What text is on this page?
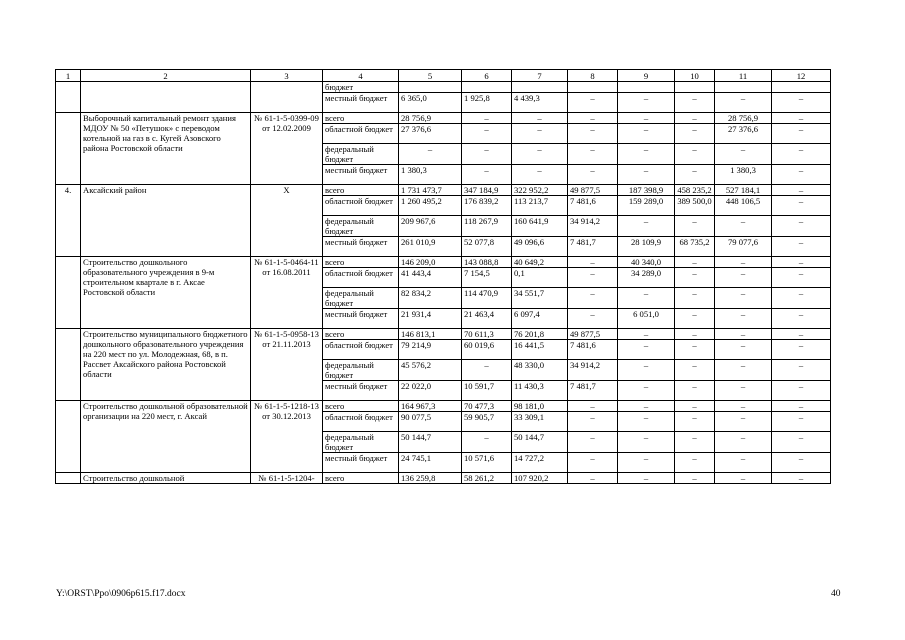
1	2	3	4	5	6	7	8	9	10	11	12
			бюджет								
			местный бюджет	6 365,0	1 925,8	4 439,3	–	–	–	–	–
	Выборочный капитальный ремонт здания МДОУ № 50 «Петушок» с переводом котельной на газ в с. Кугей Азовского района Ростовской области	№ 61-1-5-0399-09 от 12.02.2009	всего	28 756,9	–	–	–	–	–	28 756,9	–
			областной бюджет	27 376,6	–	–	–	–	–	27 376,6	–
			федеральный бюджет	–	–	–	–	–	–	–	–
			местный бюджет	1 380,3	–	–	–	–	–	1 380,3	–
4.	Аксайский район	Х	всего	1 731 473,7	347 184,9	322 952,2	49 877,5	187 398,9	458 235,2	527 184,1	–
			областной бюджет	1 260 495,2	176 839,2	113 213,7	7 481,6	159 289,0	389 500,0	448 106,5	–
			федеральный бюджет	209 967,6	118 267,9	160 641,9	34 914,2	–	–	–	–
			местный бюджет	261 010,9	52 077,8	49 096,6	7 481,7	28 109,9	68 735,2	79 077,6	–
	Строительство дошкольного образовательного учреждения в 9-м строительном квартале в г. Аксае Ростовской области	№ 61-1-5-0464-11 от 16.08.2011	всего	146 209,0	143 088,8	40 649,2	–	40 340,0	–	–	–
			областной бюджет	41 443,4	7 154,5	0,1	–	34 289,0	–	–	–
			федеральный бюджет	82 834,2	114 470,9	34 551,7	–	–	–	–	–
			местный бюджет	21 931,4	21 463,4	6 097,4	–	6 051,0	–	–	–
	Строительство муниципального бюджетного дошкольного образовательного учреждения на 220 мест по ул. Молодежная, 68, в п. Рассвет Аксайского района Ростовской области	№ 61-1-5-0958-13 от 21.11.2013	всего	146 813,1	70 611,3	76 201,8	49 877,5	–	–	–	–
			областной бюджет	79 214,9	60 019,6	16 441,5	7 481,6	–	–	–	–
			федеральный бюджет	45 576,2	–	48 330,0	34 914,2	–	–	–	–
			местный бюджет	22 022,0	10 591,7	11 430,3	7 481,7	–	–	–	–
	Строительство дошкольной образовательной организации на 220 мест, г. Аксай	№ 61-1-5-1218-13 от 30.12.2013	всего	164 967,3	70 477,3	98 181,0	–	–	–	–	–
			областной бюджет	90 077,5	59 905,7	33 309,1	–	–	–	–	–
			федеральный бюджет	50 144,7	–	50 144,7	–	–	–	–	–
			местный бюджет	24 745,1	10 571,6	14 727,2	–	–	–	–	–
	Строительство дошкольной	№ 61-1-5-1204-	всего	136 259,8	58 261,2	107 920,2	–	–	–	–	–
Y:\ORST\Ppo\0906p615.f17.docx	40
